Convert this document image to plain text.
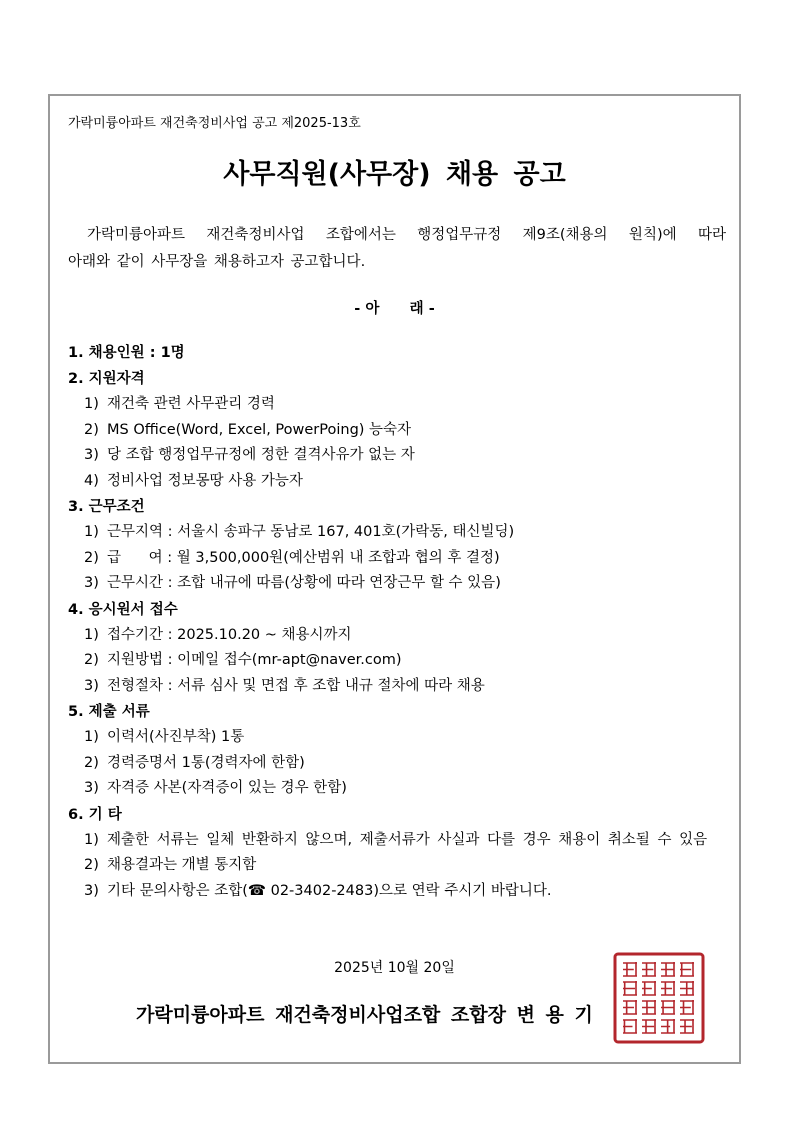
가락미륭아파트 재건축정비사업 공고 제2025-13호
사무직원(사무장) 채용 공고
가락미륭아파트 재건축정비사업 조합에서는 행정업무규정 제9조(채용의 원칙)에 따라
아래와 같이 사무장을 채용하고자 공고합니다.
- 아      래 -
1. 채용인원 : 1명
2. 지원자격
1) 재건축 관련 사무관리 경력
2) MS Office(Word, Excel, PowerPoing) 능숙자
3) 당 조합 행정업무규정에 정한 결격사유가 없는 자
4) 정비사업 정보몽땅 사용 가능자
3. 근무조건
1) 근무지역 : 서울시 송파구 동남로 167, 401호(가락동, 태신빌딩)
2) 급      여 : 월 3,500,000원(예산범위 내 조합과 협의 후 결정)
3) 근무시간 : 조합 내규에 따름(상황에 따라 연장근무 할 수 있음)
4. 응시원서 접수
1) 접수기간 : 2025.10.20 ~ 채용시까지
2) 지원방법 : 이메일 접수(mr-apt@naver.com)
3) 전형절차 : 서류 심사 및 면접 후 조합 내규 절차에 따라 채용
5. 제출 서류
1) 이력서(사진부착) 1통
2) 경력증명서 1통(경력자에 한함)
3) 자격증 사본(자격증이 있는 경우 한함)
6. 기 타
1) 제출한 서류는 일체 반환하지 않으며, 제출서류가 사실과 다를 경우 채용이 취소될 수 있음
2) 채용결과는 개별 통지함
3) 기타 문의사항은 조합(☎ 02-3402-2483)으로 연락 주시기 바랍니다.
2025년 10월 20일
가락미륭아파트 재건축정비사업조합 조합장 변 용 기
